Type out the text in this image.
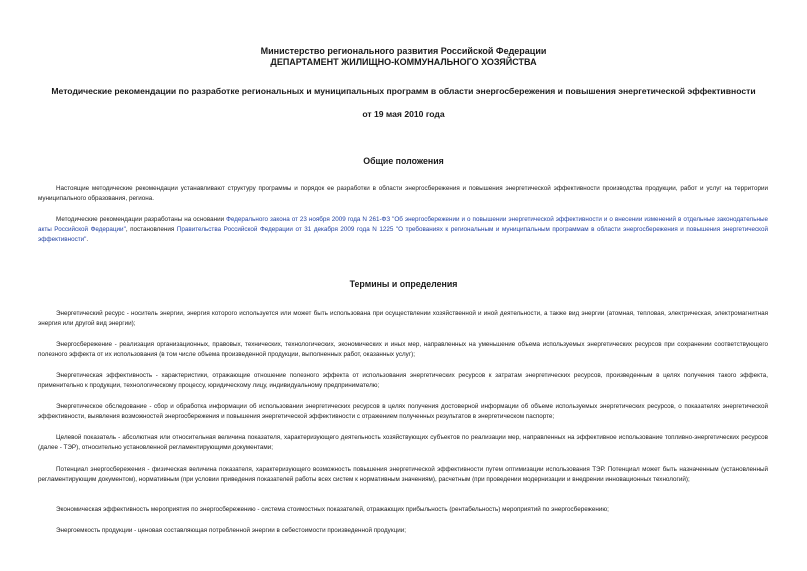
Министерство регионального развития Российской Федерации
ДЕПАРТАМЕНТ ЖИЛИЩНО-КОММУНАЛЬНОГО ХОЗЯЙСТВА
Методические рекомендации по разработке региональных и муниципальных программ в области энергосбережения и повышения энергетической эффективности
от 19 мая 2010 года
Общие положения
Настоящие методические рекомендации устанавливают структуру программы и порядок ее разработки в области энергосбережения и повышения энергетической эффективности производства продукции, работ и услуг на территории муниципального образования, региона.
Методические рекомендации разработаны на основании Федерального закона от 23 ноября 2009 года N 261-ФЗ "Об энергосбережении и о повышении энергетической эффективности и о внесении изменений в отдельные законодательные акты Российской Федерации", постановления Правительства Российской Федерации от 31 декабря 2009 года N 1225 "О требованиях к региональным и муниципальным программам в области энергосбережения и повышения энергетической эффективности".
Термины и определения
Энергетический ресурс - носитель энергии, энергия которого используется или может быть использована при осуществлении хозяйственной и иной деятельности, а также вид энергии (атомная, тепловая, электрическая, электромагнитная энергия или другой вид энергии);
Энергосбережение - реализация организационных, правовых, технических, технологических, экономических и иных мер, направленных на уменьшение объема используемых энергетических ресурсов при сохранении соответствующего полезного эффекта от их использования (в том числе объема произведенной продукции, выполненных работ, оказанных услуг);
Энергетическая эффективность - характеристики, отражающие отношение полезного эффекта от использования энергетических ресурсов к затратам энергетических ресурсов, произведенным в целях получения такого эффекта, применительно к продукции, технологическому процессу, юридическому лицу, индивидуальному предпринимателю;
Энергетическое обследование - сбор и обработка информации об использовании энергетических ресурсов в целях получения достоверной информации об объеме используемых энергетических ресурсов, о показателях энергетической эффективности, выявления возможностей энергосбережения и повышения энергетической эффективности с отражением полученных результатов в энергетическом паспорте;
Целевой показатель - абсолютная или относительная величина показателя, характеризующего деятельность хозяйствующих субъектов по реализации мер, направленных на эффективное использование топливно-энергетических ресурсов (далее - ТЭР), относительно установленной регламентирующими документами;
Потенциал энергосбережения - физическая величина показателя, характеризующего возможность повышения энергетической эффективности путем оптимизации использования ТЭР. Потенциал может быть назначенным (установленный регламентирующим документом), нормативным (при условии приведения показателей работы всех систем к нормативным значениям), расчетным (при проведении модернизации и внедрении инновационных технологий);
Экономическая эффективность мероприятия по энергосбережению - система стоимостных показателей, отражающих прибыльность (рентабельность) мероприятий по энергосбережению;
Энергоемкость продукции - ценовая составляющая потребленной энергии в себестоимости произведенной продукции;
